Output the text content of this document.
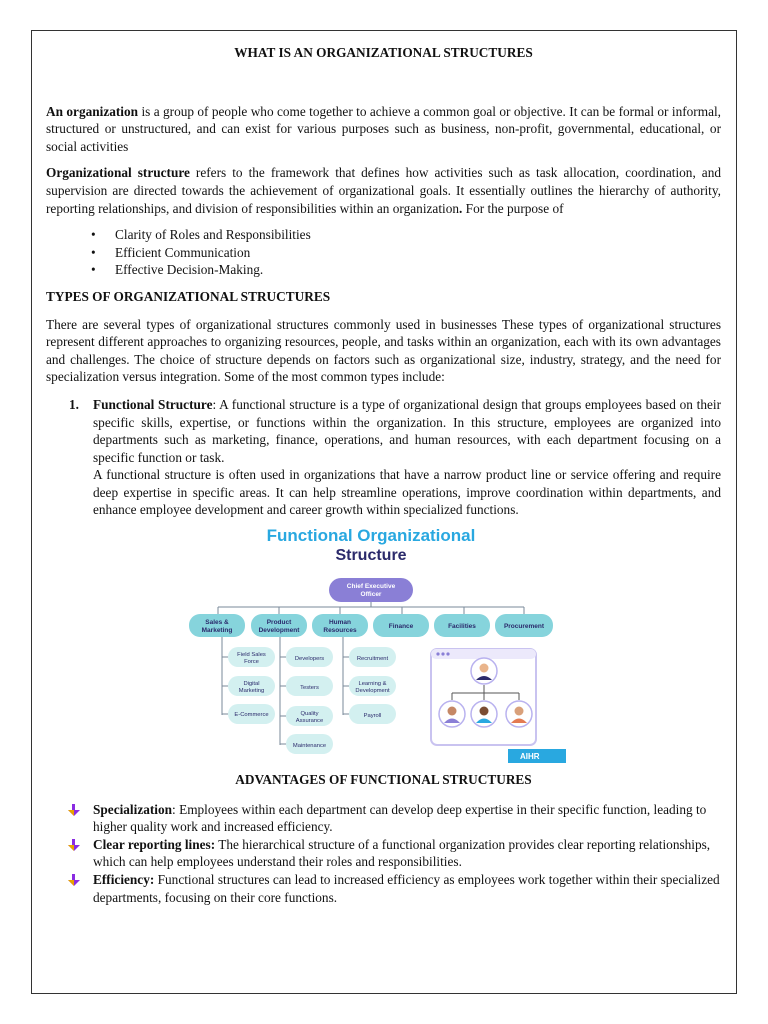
WHAT IS AN ORGANIZATIONAL STRUCTURES

An organization is a group of people who come together to achieve a common goal or objective. It can be formal or informal, structured or unstructured, and can exist for various purposes such as business, non-profit, governmental, educational, or social activities

Organizational structure refers to the framework that defines how activities such as task allocation, coordination, and supervision are directed towards the achievement of organizational goals. It essentially outlines the hierarchy of authority, reporting relationships, and division of responsibilities within an organization. For the purpose of

• Clarity of Roles and Responsibilities
• Efficient Communication
• Effective Decision-Making.
TYPES OF ORGANIZATIONAL STRUCTURES

There are several types of organizational structures commonly used in businesses These types of organizational structures represent different approaches to organizing resources, people, and tasks within an organization, each with its own advantages and challenges. The choice of structure depends on factors such as organizational size, industry, strategy, and the need for specialization versus integration. Some of the most common types include:

1. Functional Structure: A functional structure is a type of organizational design that groups employees based on their specific skills, expertise, or functions within the organization. In this structure, employees are organized into departments such as marketing, finance, operations, and human resources, with each department focusing on a specific function or task.
A functional structure is often used in organizations that have a narrow product line or service offering and require deep expertise in specific areas. It can help streamline operations, improve coordination within departments, and enhance employee development and career growth within specialized functions.
Functional Organizational
Structure
Chief Executive
Officer
Sales &
Marketing
Product
Development
Human
Resources
Finance	Facilities	Procurement
Field Sales
Force
Digital
Marketing
E-Commerce
Developers
Testers
Quality
Assurance
Maintenance
Recruitment
Learning &
Development
Payroll
AIHR
ADVANTAGES OF FUNCTIONAL STRUCTURES
Specialization: Employees within each department can develop deep expertise in their specific function, leading to higher quality work and increased efficiency.
Clear reporting lines: The hierarchical structure of a functional organization provides clear reporting relationships, which can help employees understand their roles and responsibilities.
Efficiency: Functional structures can lead to increased efficiency as employees work together within their specialized departments, focusing on their core functions.
